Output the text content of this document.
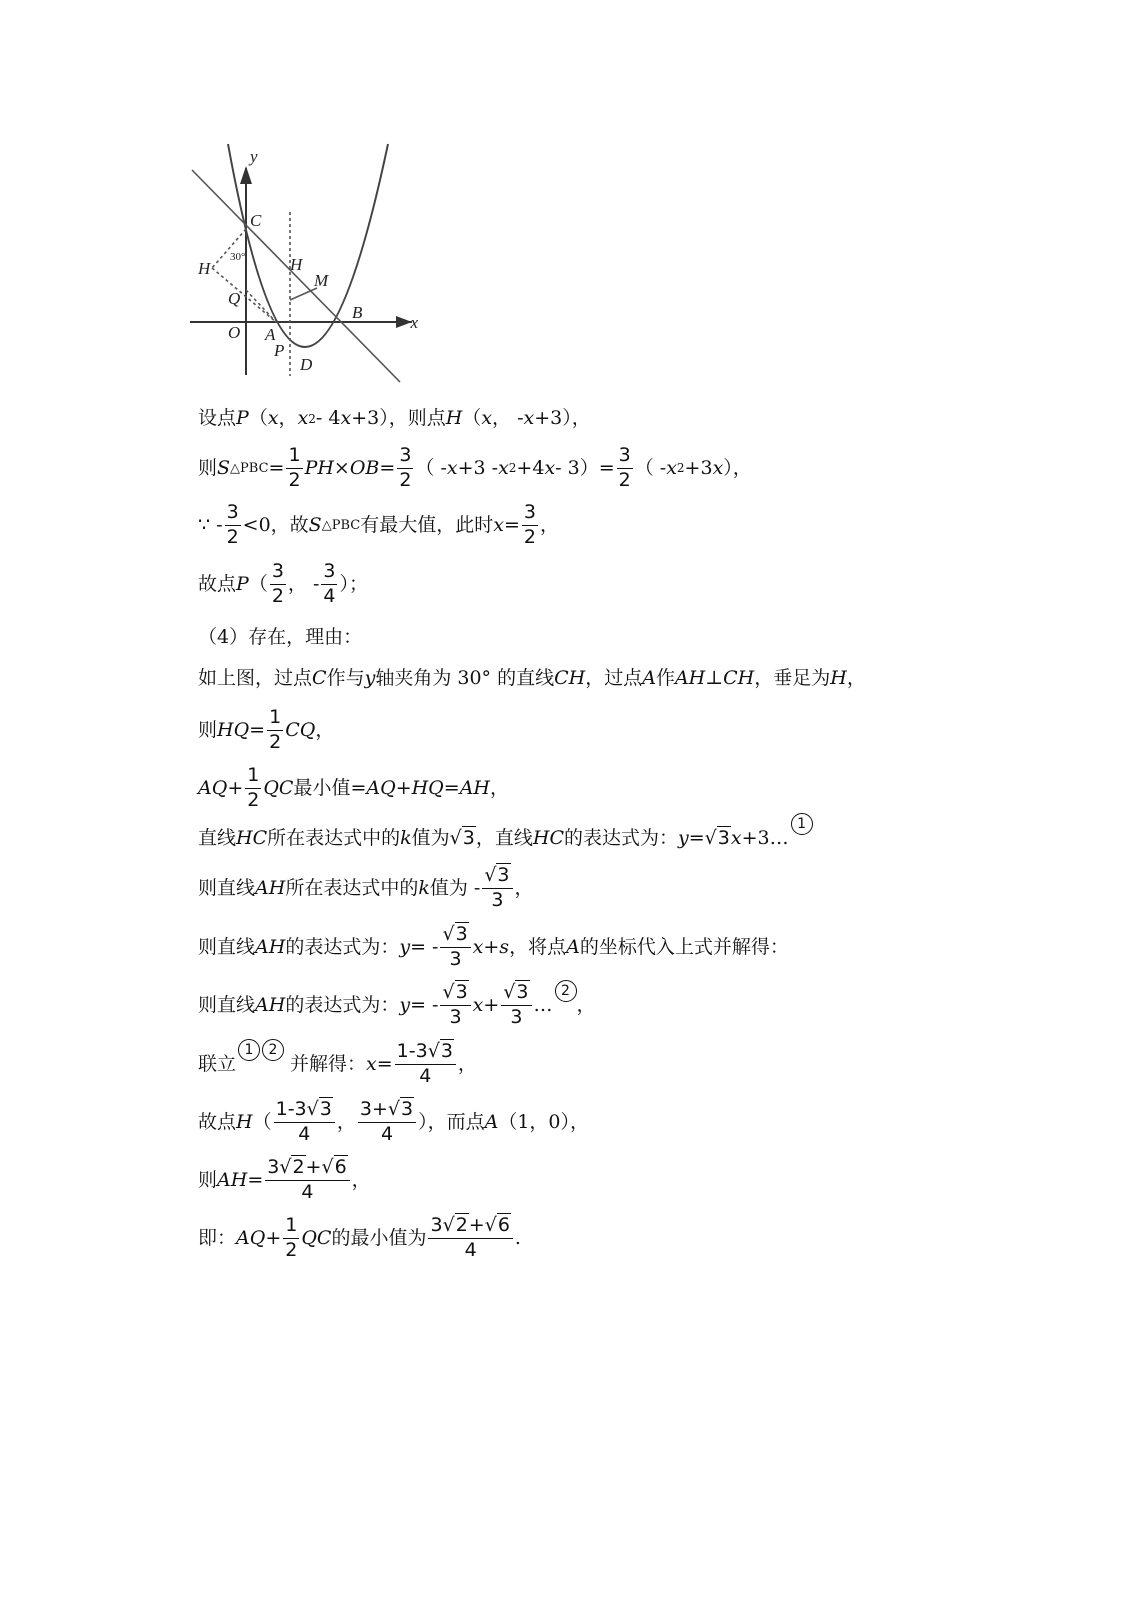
x
y
C
H
30°
Q
O A
P
D
H
M
B
设点 P （ x ， x 2 - 4 x +3），则点 H （ x ， - x +3），
则 S △PBC = $\frac{1}{2}$ PH × OB = $\frac{3}{2}$ （ - x +3 - x 2 +4 $x - 3)= \frac{3}{2}$ （ - x 2 +3 x ），
∵ - $\frac{3}{2} <0$，故 S △PBC 有最大值，此时 $x = \frac{3}{2}$ ，
故点 P （ $\frac{3}{2}$ ， - $\frac{3}{4}$ ）；
（4）存在，理由：
如上图，过点 C 作与 y 轴夹角为 30° 的直线 CH ，过点 A 作 AH ⊥ CH ，垂足为 H ，
则 HQ = $\frac{1}{2}$ CQ ，
AQ + $\frac{1}{2}$ QC 最小值= AQ + HQ = AH ，
直线 HC 所在表达式中的 k 值为 √3 ，直线 HC 的表达式为： y = √3 x +3…
1
则直线 AH 所在表达式中的 k 值为 - $\frac{√3}{3}$ ，
则直线 AH 的表达式为： y = - $\frac{√3}{3}$ x + s ，将点 A 的坐标代入上式并解得：
则直线 AH 的表达式为： y = - $\frac{√3}{3}$ $x + \frac{√3}{3}$ …
2
，
联立
1	2
并解得： $x = \frac{1-3√3}{4}$ ，
故点 H （ $\frac{1-3√3}{4}$ ， $\frac{3+√3}{4}$ ），而点 A （1，0），
则 AH = $\frac{3√2+√6}{4}$ ，
即： AQ + $\frac{1}{2}$ QC 的最小值为 $\frac{3√2+√6}{4}$ .
